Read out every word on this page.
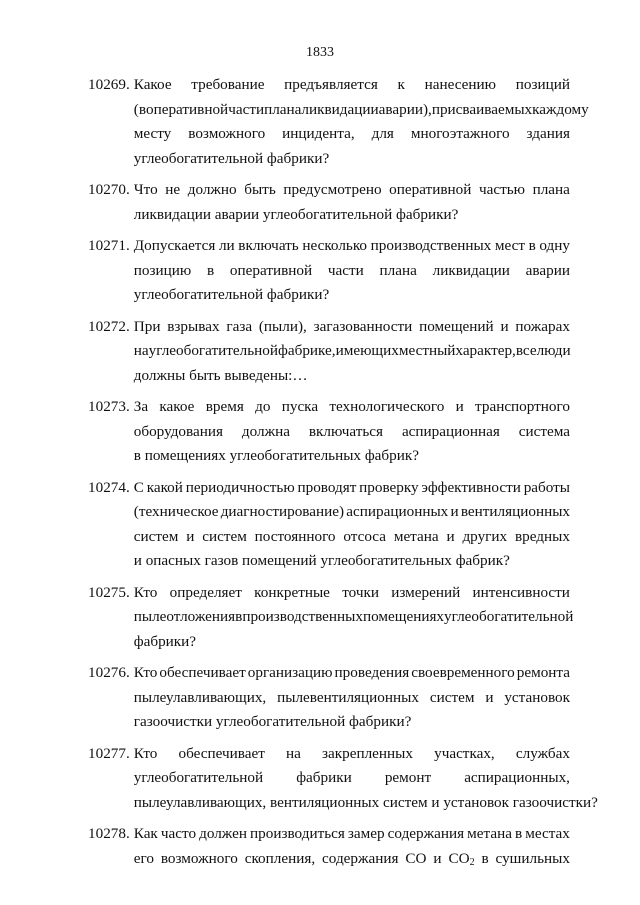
1833
10269. Какое требование предъявляется к нанесению позиций
(в оперативной части плана ликвидации аварии), присваиваемых каждому
месту возможного инцидента, для многоэтажного здания
углеобогатительной фабрики?
10270. Что не должно быть предусмотрено оперативной частью плана
ликвидации аварии углеобогатительной фабрики?
10271. Допускается ли включать несколько производственных мест в одну
позицию в оперативной части плана ликвидации аварии
углеобогатительной фабрики?
10272. При взрывах газа (пыли), загазованности помещений и пожарах
на углеобогатительной фабрике, имеющих местный характер, все люди
должны быть выведены:…
10273. За какое время до пуска технологического и транспортного
оборудования должна включаться аспирационная система
в помещениях углеобогатительных фабрик?
10274. С какой периодичностью проводят проверку эффективности работы
(техническое диагностирование) аспирационных и вентиляционных
систем и систем постоянного отсоса метана и других вредных
и опасных газов помещений углеобогатительных фабрик?
10275. Кто определяет конкретные точки измерений интенсивности
пылеотложения в производственных помещениях углеобогатительной
фабрики?
10276. Кто обеспечивает организацию проведения своевременного ремонта
пылеулавливающих, пылевентиляционных систем и установок
газоочистки углеобогатительной фабрики?
10277. Кто обеспечивает на закрепленных участках, службах
углеобогатительной фабрики ремонт аспирационных,
пылеулавливающих, вентиляционных систем и установок газоочистки?
10278. Как часто должен производиться замер содержания метана в местах
его возможного скопления, содержания СО и $СО_2$ в сушильных
